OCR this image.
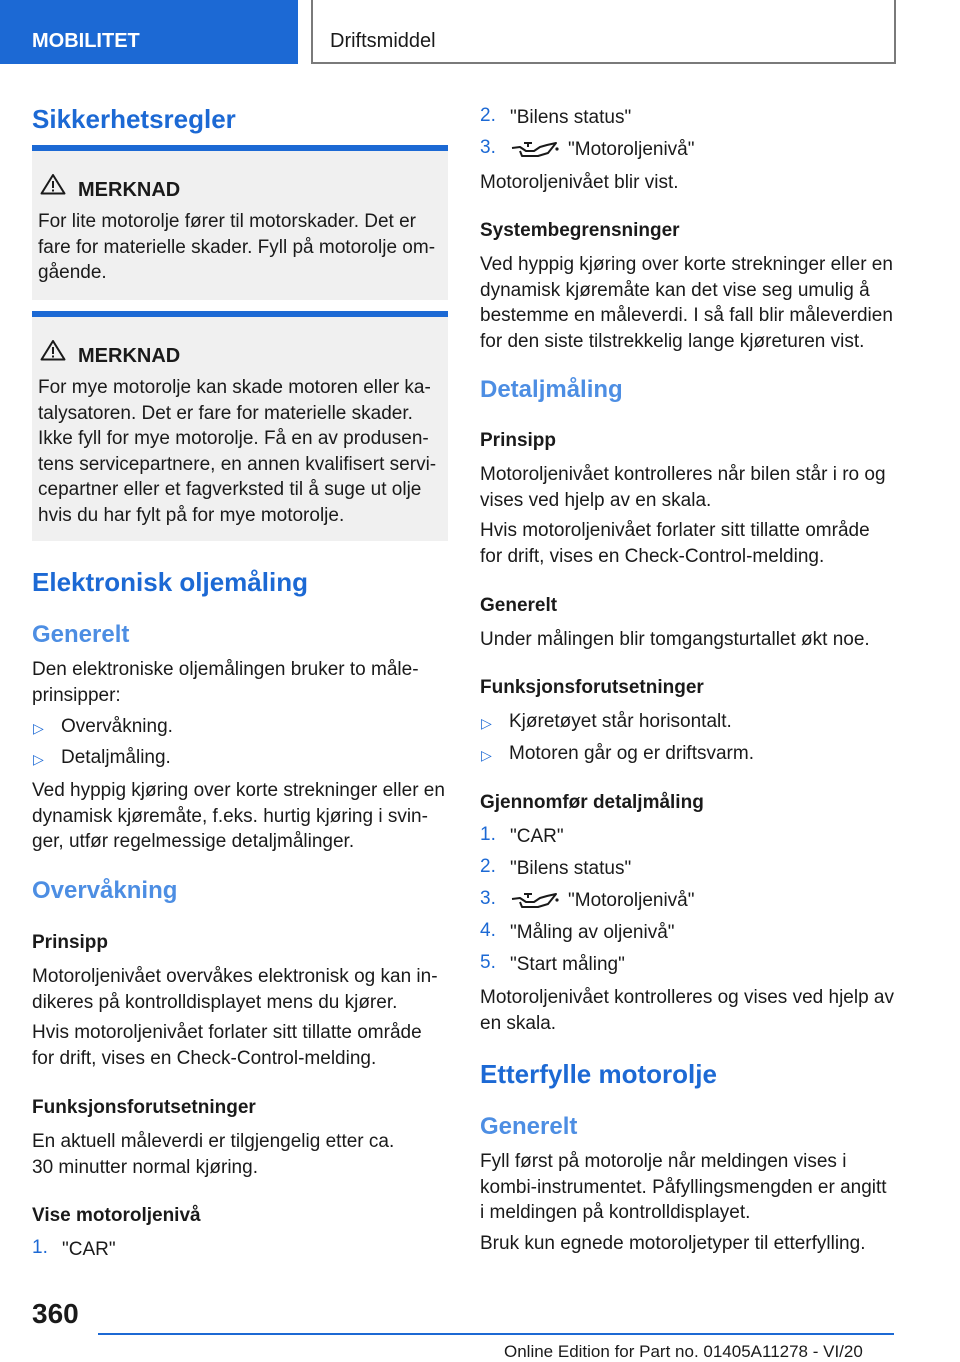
MOBILITET	Driftsmiddel
Sikkerhetsregler
MERKNAD
For lite motorolje fører til motorskader. Det er
fare for materielle skader. Fyll på motorolje om-
gående.
MERKNAD
For mye motorolje kan skade motoren eller ka-
talysatoren. Det er fare for materielle skader.
Ikke fyll for mye motorolje. Få en av produsen-
tens servicepartnere, en annen kvalifisert servi-
cepartner eller et fagverksted til å suge ut olje
hvis du har fylt på for mye motorolje.
Elektronisk oljemåling
Generelt
Den elektroniske oljemålingen bruker to måle-
prinsipper:
▷ Overvåkning.
▷ Detaljmåling.
Ved hyppig kjøring over korte strekninger eller en
dynamisk kjøremåte, f.eks. hurtig kjøring i svin-
ger, utfør regelmessige detaljmålinger.
Overvåkning
Prinsipp
Motoroljenivået overvåkes elektronisk og kan in-
dikeres på kontrolldisplayet mens du kjører.
Hvis motoroljenivået forlater sitt tillatte område
for drift, vises en Check-Control-melding.
Funksjonsforutsetninger
En aktuell måleverdi er tilgjengelig etter ca.
30 minutter normal kjøring.
Vise motoroljenivå
1. "CAR"
2. "Bilens status"
3.	"Motoroljenivå"
Motoroljenivået blir vist.
Systembegrensninger
Ved hyppig kjøring over korte strekninger eller en
dynamisk kjøremåte kan det vise seg umulig å
bestemme en måleverdi. I så fall blir måleverdien
for den siste tilstrekkelig lange kjøreturen vist.
Detaljmåling
Prinsipp
Motoroljenivået kontrolleres når bilen står i ro og
vises ved hjelp av en skala.
Hvis motoroljenivået forlater sitt tillatte område
for drift, vises en Check-Control-melding.
Generelt
Under målingen blir tomgangsturtallet økt noe.
Funksjonsforutsetninger
▷ Kjøretøyet står horisontalt.
▷ Motoren går og er driftsvarm.
Gjennomfør detaljmåling
1. "CAR"
2. "Bilens status"
3.	"Motoroljenivå"
4. "Måling av oljenivå"
5. "Start måling"
Motoroljenivået kontrolleres og vises ved hjelp av
en skala.
Etterfylle motorolje
Generelt
Fyll først på motorolje når meldingen vises i
kombi-instrumentet. Påfyllingsmengden er angitt
i meldingen på kontrolldisplayet.
Bruk kun egnede motoroljetyper til etterfylling.
360
Online Edition for Part no. 01405A11278 - VI/20
